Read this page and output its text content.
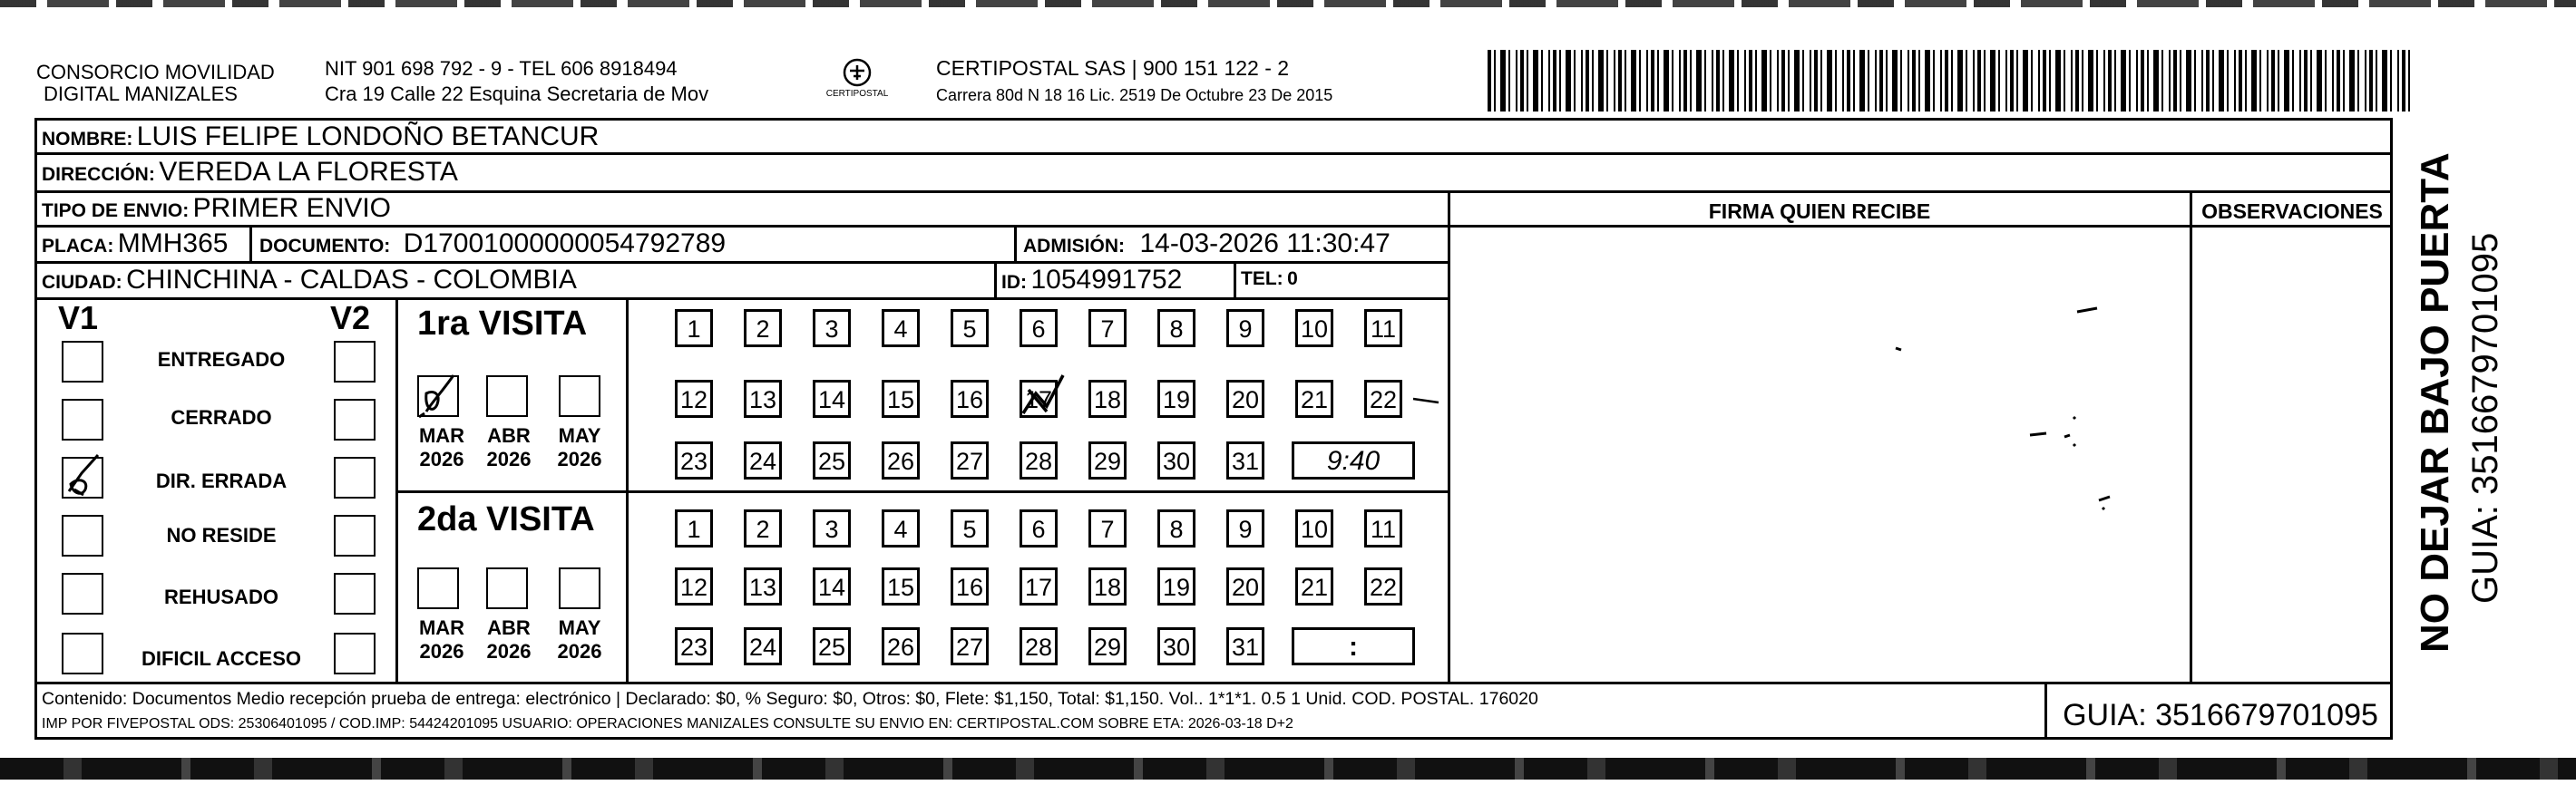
CONSORCIO MOVILIDAD
DIGITAL MANIZALES
NIT 901 698 792 - 9 - TEL 606 8918494
Cra 19 Calle 22 Esquina Secretaria de Mov	CERTIPOSTAL
CERTIPOSTAL SAS | 900 151 122 - 2
Carrera 80d N 18 16 Lic. 2519 De Octubre 23 De 2015
NOMBRE: LUIS FELIPE LONDOÑO BETANCUR
DIRECCIÓN: VEREDA LA FLORESTA
TIPO DE ENVIO: PRIMER ENVIO
PLACA: MMH365 DOCUMENTO: D17001000000054792789	ADMISIÓN: 14-03-2026 11:30:47
CIUDAD: CHINCHINA - CALDAS - COLOMBIA	ID: 1054991752	TEL: 0
FIRMA QUIEN RECIBE	OBSERVACIONES
V1	V2
ENTREGADO
CERRADO
DIR. ERRADA
NO RESIDE
REHUSADO
DIFICIL ACCESO
1ra VISITA
MAR
2026
ABR
2026
MAY
2026
1	2	3	4	5	6	7	8	9	10 11
12 13 14 15 16 17 18 19 20 21 22
23 24 25 26 27 28 29 30 31	9:40
2da VISITA
MAR
2026
ABR
2026
MAY
2026
1	2	3	4	5	6	7	8	9	10 11
12 13 14 15 16 17 18 19 20 21 22
23 24 25 26 27 28 29 30 31	:
Contenido: Documentos Medio recepción prueba de entrega: electrónico | Declarado: $0, % Seguro: $0, Otros: $0, Flete: $1,150, Total: $1,150. Vol.. 1*1*1. 0.5 1 Unid. COD. POSTAL. 176020
IMP POR FIVEPOSTAL ODS: 25306401095 / COD.IMP: 54424201095 USUARIO: OPERACIONES MANIZALES CONSULTE SU ENVIO EN: CERTIPOSTAL.COM SOBRE ETA: 2026-03-18 D+2	GUIA: 3516679701095
NO DEJAR BAJO PUERTA GUIA: 3516679701095
